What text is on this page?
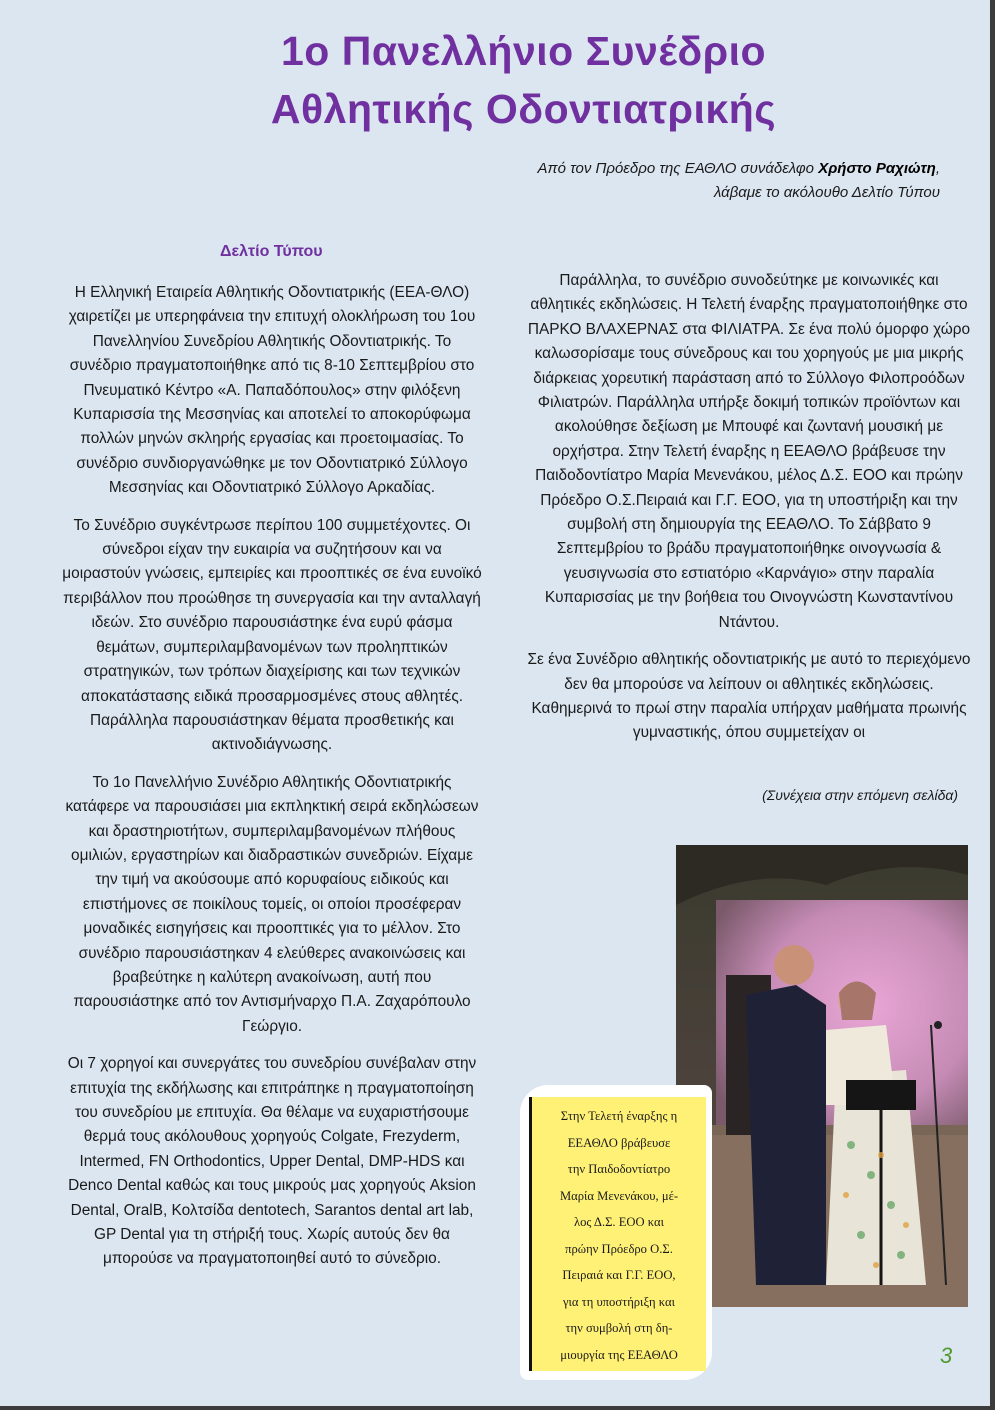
1ο Πανελλήνιο Συνέδριο
Αθλητικής Οδοντιατρικής
Από τον Πρόεδρο της ΕΑΘΛΟ συνάδελφο Χρήστο Ραχιώτη,
λάβαμε το ακόλουθο Δελτίο Τύπου
Δελτίο Τύπου

Η Ελληνική Εταιρεία Αθλητικής Οδοντιατρικής (ΕΕΑ-ΘΛΟ) χαιρετίζει με υπερηφάνεια την επιτυχή ολοκλήρωση του 1ου Πανελληνίου Συνεδρίου Αθλητικής Οδοντιατρικής. Το συνέδριο πραγματοποιήθηκε από τις 8-10 Σεπτεμβρίου στο Πνευματικό Κέντρο «Α. Παπαδόπουλος» στην φιλόξενη Κυπαρισσία της Μεσσηνίας και αποτελεί το αποκορύφωμα πολλών μηνών σκληρής εργασίας και προετοιμασίας. Το συνέδριο συνδιοργανώθηκε με τον Οδοντιατρικό Σύλλογο Μεσσηνίας και Οδοντιατρικό Σύλλογο Αρκαδίας.

Το Συνέδριο συγκέντρωσε περίπου 100 συμμετέχοντες. Οι σύνεδροι είχαν την ευκαιρία να συζητήσουν και να μοιραστούν γνώσεις, εμπειρίες και προοπτικές σε ένα ευνοϊκό περιβάλλον που προώθησε τη συνεργασία και την ανταλλαγή ιδεών. Στο συνέδριο παρουσιάστηκε ένα ευρύ φάσμα θεμάτων, συμπεριλαμβανομένων των προληπτικών στρατηγικών, των τρόπων διαχείρισης και των τεχνικών αποκατάστασης ειδικά προσαρμοσμένες στους αθλητές. Παράλληλα παρουσιάστηκαν θέματα προσθετικής και ακτινοδιάγνωσης.

Το 1ο Πανελλήνιο Συνέδριο Αθλητικής Οδοντιατρικής κατάφερε να παρουσιάσει μια εκπληκτική σειρά εκδηλώσεων και δραστηριοτήτων, συμπεριλαμβανομένων πλήθους ομιλιών, εργαστηρίων και διαδραστικών συνεδριών. Είχαμε την τιμή να ακούσουμε από κορυφαίους ειδικούς και επιστήμονες σε ποικίλους τομείς, οι οποίοι προσέφεραν μοναδικές εισηγήσεις και προοπτικές για το μέλλον. Στο συνέδριο παρουσιάστηκαν 4 ελεύθερες ανακοινώσεις και βραβεύτηκε η καλύτερη ανακοίνωση, αυτή που παρουσιάστηκε από τον Αντισμήναρχο Π.Α. Ζαχαρόπουλο Γεώργιο.

Οι 7 χορηγοί και συνεργάτες του συνεδρίου συνέβαλαν στην επιτυχία της εκδήλωσης και επιτράπηκε η πραγματοποίηση του συνεδρίου με επιτυχία. Θα θέλαμε να ευχαριστήσουμε θερμά τους ακόλουθους χορηγούς Colgate, Frezyderm, Intermed, FN Orthodontics, Upper Dental, DMP-HDS και Denco Dental καθώς και τους μικρούς μας χορηγούς Aksion Dental, OralB, Κολτσίδα dentotech, Sarantos dental art lab, GP Dental για τη στήριξή τους. Χωρίς αυτούς δεν θα μπορούσε να πραγματοποιηθεί αυτό το σύνεδριο.

Παράλληλα, το συνέδριο συνοδεύτηκε με κοινωνικές και αθλητικές εκδηλώσεις. Η Τελετή έναρξης πραγματοποιήθηκε στο ΠΑΡΚΟ ΒΛΑΧΕΡΝΑΣ στα ΦΙΛΙΑΤΡΑ. Σε ένα πολύ όμορφο χώρο καλωσορίσαμε τους σύνεδρους και του χορηγούς με μια μικρής διάρκειας χορευτική παράσταση από το Σύλλογο Φιλοπροόδων Φιλιατρών. Παράλληλα υπήρξε δοκιμή τοπικών προϊόντων και ακολούθησε δεξίωση με Μπουφέ και ζωντανή μουσική με ορχήστρα. Στην Τελετή έναρξης η ΕΕΑΘΛΟ βράβευσε την Παιδοδοντίατρο Μαρία Μενενάκου, μέλος Δ.Σ. ΕΟΟ και πρώην Πρόεδρο Ο.Σ.Πειραιά και Γ.Γ. ΕΟΟ, για τη υποστήριξη και την συμβολή στη δημιουργία της ΕΕΑΘΛΟ. Το Σάββατο 9 Σεπτεμβρίου το βράδυ πραγματοποιήθηκε οινογνωσία & γευσιγνωσία στο εστιατόριο «Καρνάγιο» στην παραλία Κυπαρισσίας με την βοήθεια του Οινογνώστη Κωνσταντίνου Ντάντου.

Σε ένα Συνέδριο αθλητικής οδοντιατρικής με αυτό το περιεχόμενο δεν θα μπορούσε να λείπουν οι αθλητικές εκδηλώσεις. Καθημερινά το πρωί στην παραλία υπήρχαν μαθήματα πρωινής γυμναστικής, όπου συμμετείχαν οι

(Συνέχεια στην επόμενη σελίδα)
Στην Τελετή έναρξης η
ΕΕΑΘΛΟ βράβευσε
την Παιδοδοντίατρο
Μαρία Μενενάκου, μέ-
λος Δ.Σ. ΕΟΟ και
πρώην Πρόεδρο Ο.Σ.
Πειραιά και Γ.Γ. ΕΟΟ,
για τη υποστήριξη και
την συμβολή στη δη-
μιουργία της ΕΕΑΘΛΟ	3
